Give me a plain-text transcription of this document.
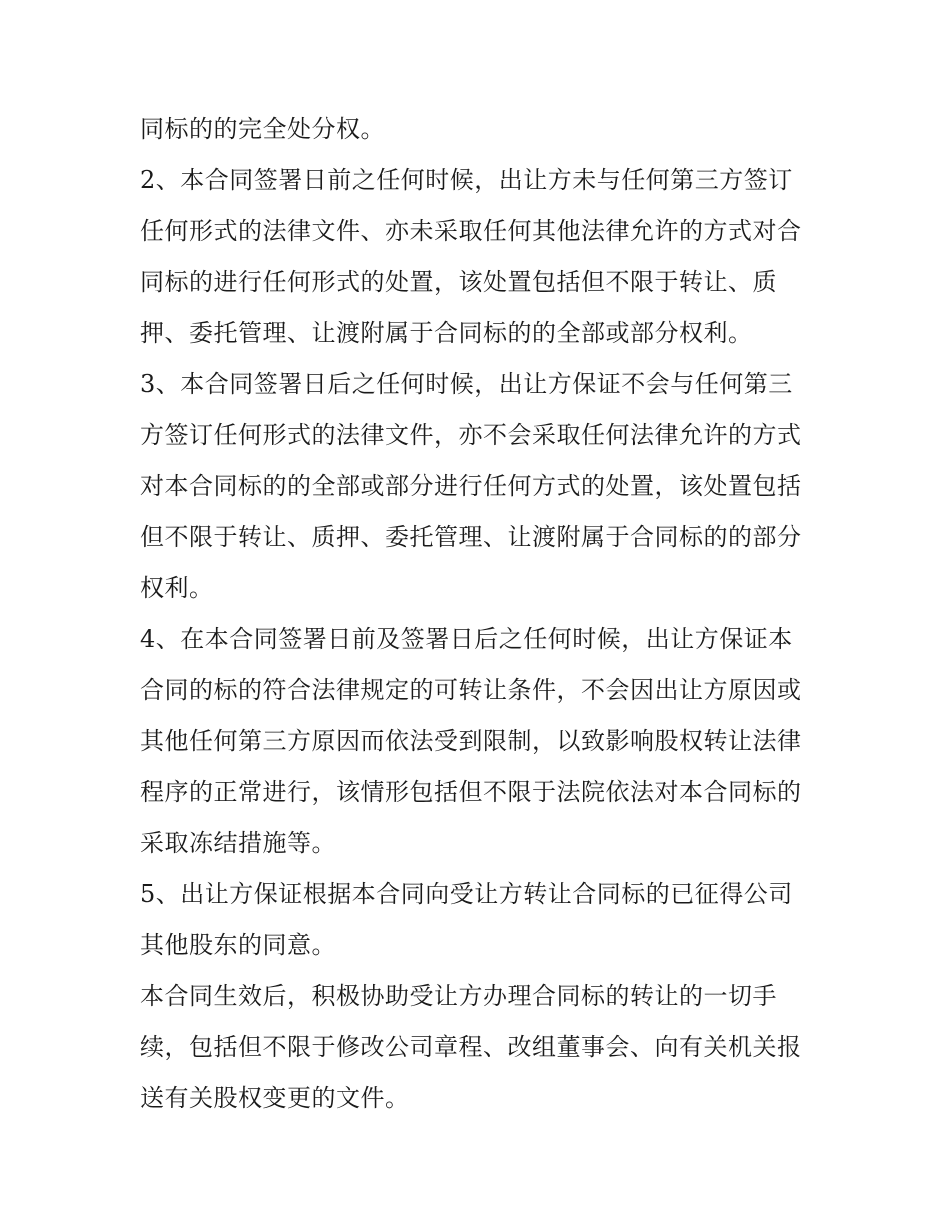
同标的的完全处分权。
2、本合同签署日前之任何时候，出让方未与任何第三方签订
任何形式的法律文件、亦未采取任何其他法律允许的方式对合
同标的进行任何形式的处置，该处置包括但不限于转让、质
押、委托管理、让渡附属于合同标的的全部或部分权利。
3、本合同签署日后之任何时候，出让方保证不会与任何第三
方签订任何形式的法律文件，亦不会采取任何法律允许的方式
对本合同标的的全部或部分进行任何方式的处置，该处置包括
但不限于转让、质押、委托管理、让渡附属于合同标的的部分
权利。
4、在本合同签署日前及签署日后之任何时候，出让方保证本
合同的标的符合法律规定的可转让条件，不会因出让方原因或
其他任何第三方原因而依法受到限制，以致影响股权转让法律
程序的正常进行，该情形包括但不限于法院依法对本合同标的
采取冻结措施等。
5、出让方保证根据本合同向受让方转让合同标的已征得公司
其他股东的同意。
本合同生效后，积极协助受让方办理合同标的转让的一切手
续，包括但不限于修改公司章程、改组董事会、向有关机关报
送有关股权变更的文件。
